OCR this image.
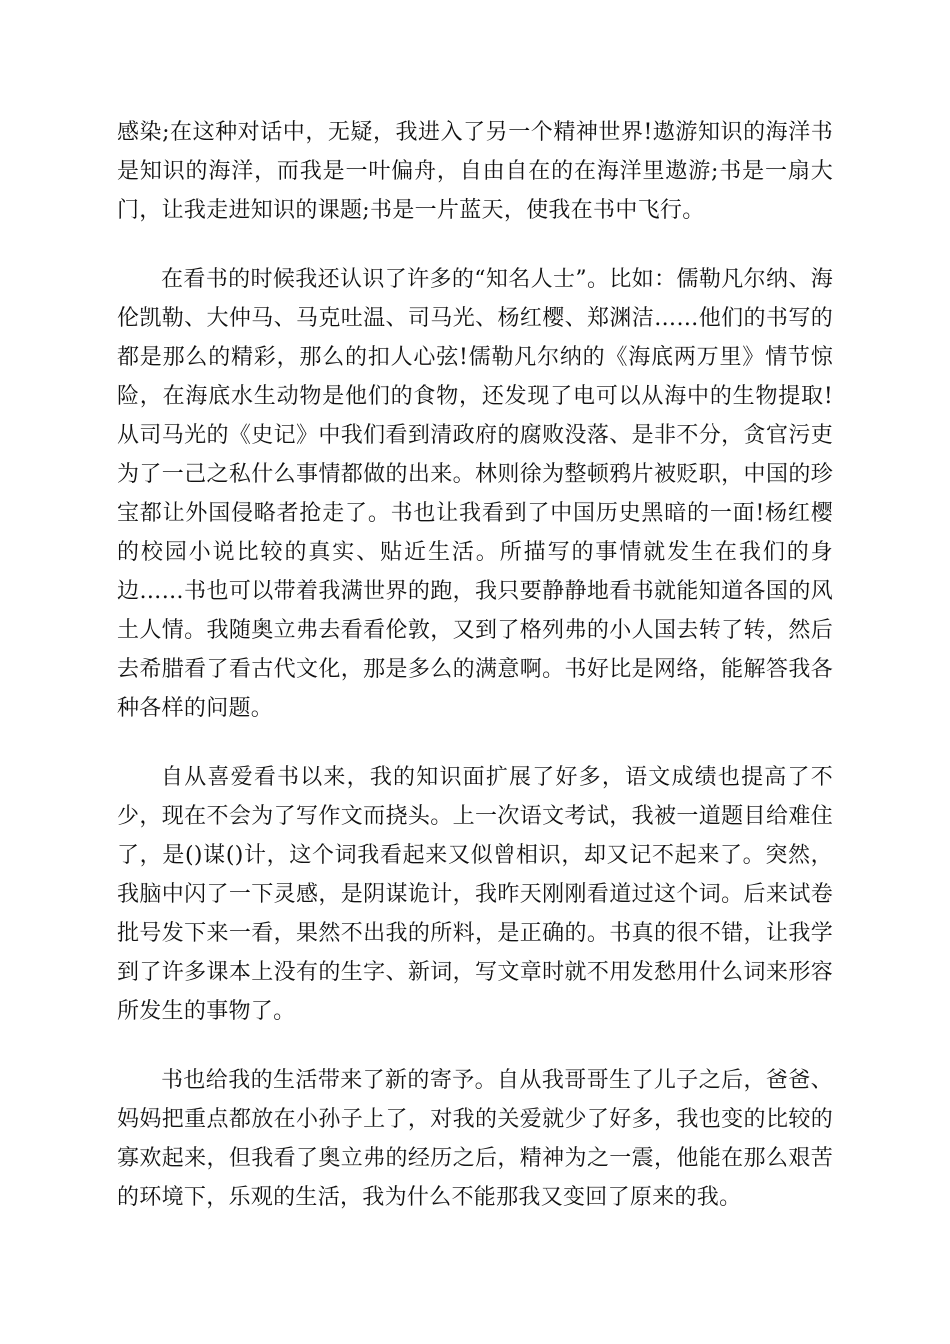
感染;在这种对话中，无疑，我进入了另一个精神世界!遨游知识的海洋书是知识的海洋，而我是一叶偏舟，自由自在的在海洋里遨游;书是一扇大门，让我走进知识的课题;书是一片蓝天，使我在书中飞行。

在看书的时候我还认识了许多的“知名人士”。比如：儒勒凡尔纳、海伦凯勒、大仲马、马克吐温、司马光、杨红樱、郑渊洁……他们的书写的都是那么的精彩，那么的扣人心弦!儒勒凡尔纳的《海底两万里》情节惊险，在海底水生动物是他们的食物，还发现了电可以从海中的生物提取!从司马光的《史记》中我们看到清政府的腐败没落、是非不分，贪官污吏为了一己之私什么事情都做的出来。林则徐为整顿鸦片被贬职，中国的珍宝都让外国侵略者抢走了。书也让我看到了中国历史黑暗的一面!杨红樱的校园小说比较的真实、贴近生活。所描写的事情就发生在我们的身边……书也可以带着我满世界的跑，我只要静静地看书就能知道各国的风土人情。我随奥立弗去看看伦敦，又到了格列弗的小人国去转了转，然后去希腊看了看古代文化，那是多么的满意啊。书好比是网络，能解答我各种各样的问题。

自从喜爱看书以来，我的知识面扩展了好多，语文成绩也提高了不少，现在不会为了写作文而挠头。上一次语文考试，我被一道题目给难住了，是()谋()计，这个词我看起来又似曾相识，却又记不起来了。突然，我脑中闪了一下灵感，是阴谋诡计，我昨天刚刚看道过这个词。后来试卷批号发下来一看，果然不出我的所料，是正确的。书真的很不错，让我学到了许多课本上没有的生字、新词，写文章时就不用发愁用什么词来形容所发生的事物了。

书也给我的生活带来了新的寄予。自从我哥哥生了儿子之后，爸爸、妈妈把重点都放在小孙子上了，对我的关爱就少了好多，我也变的比较的寡欢起来，但我看了奥立弗的经历之后，精神为之一震，他能在那么艰苦的环境下，乐观的生活，我为什么不能那我又变回了原来的我。
